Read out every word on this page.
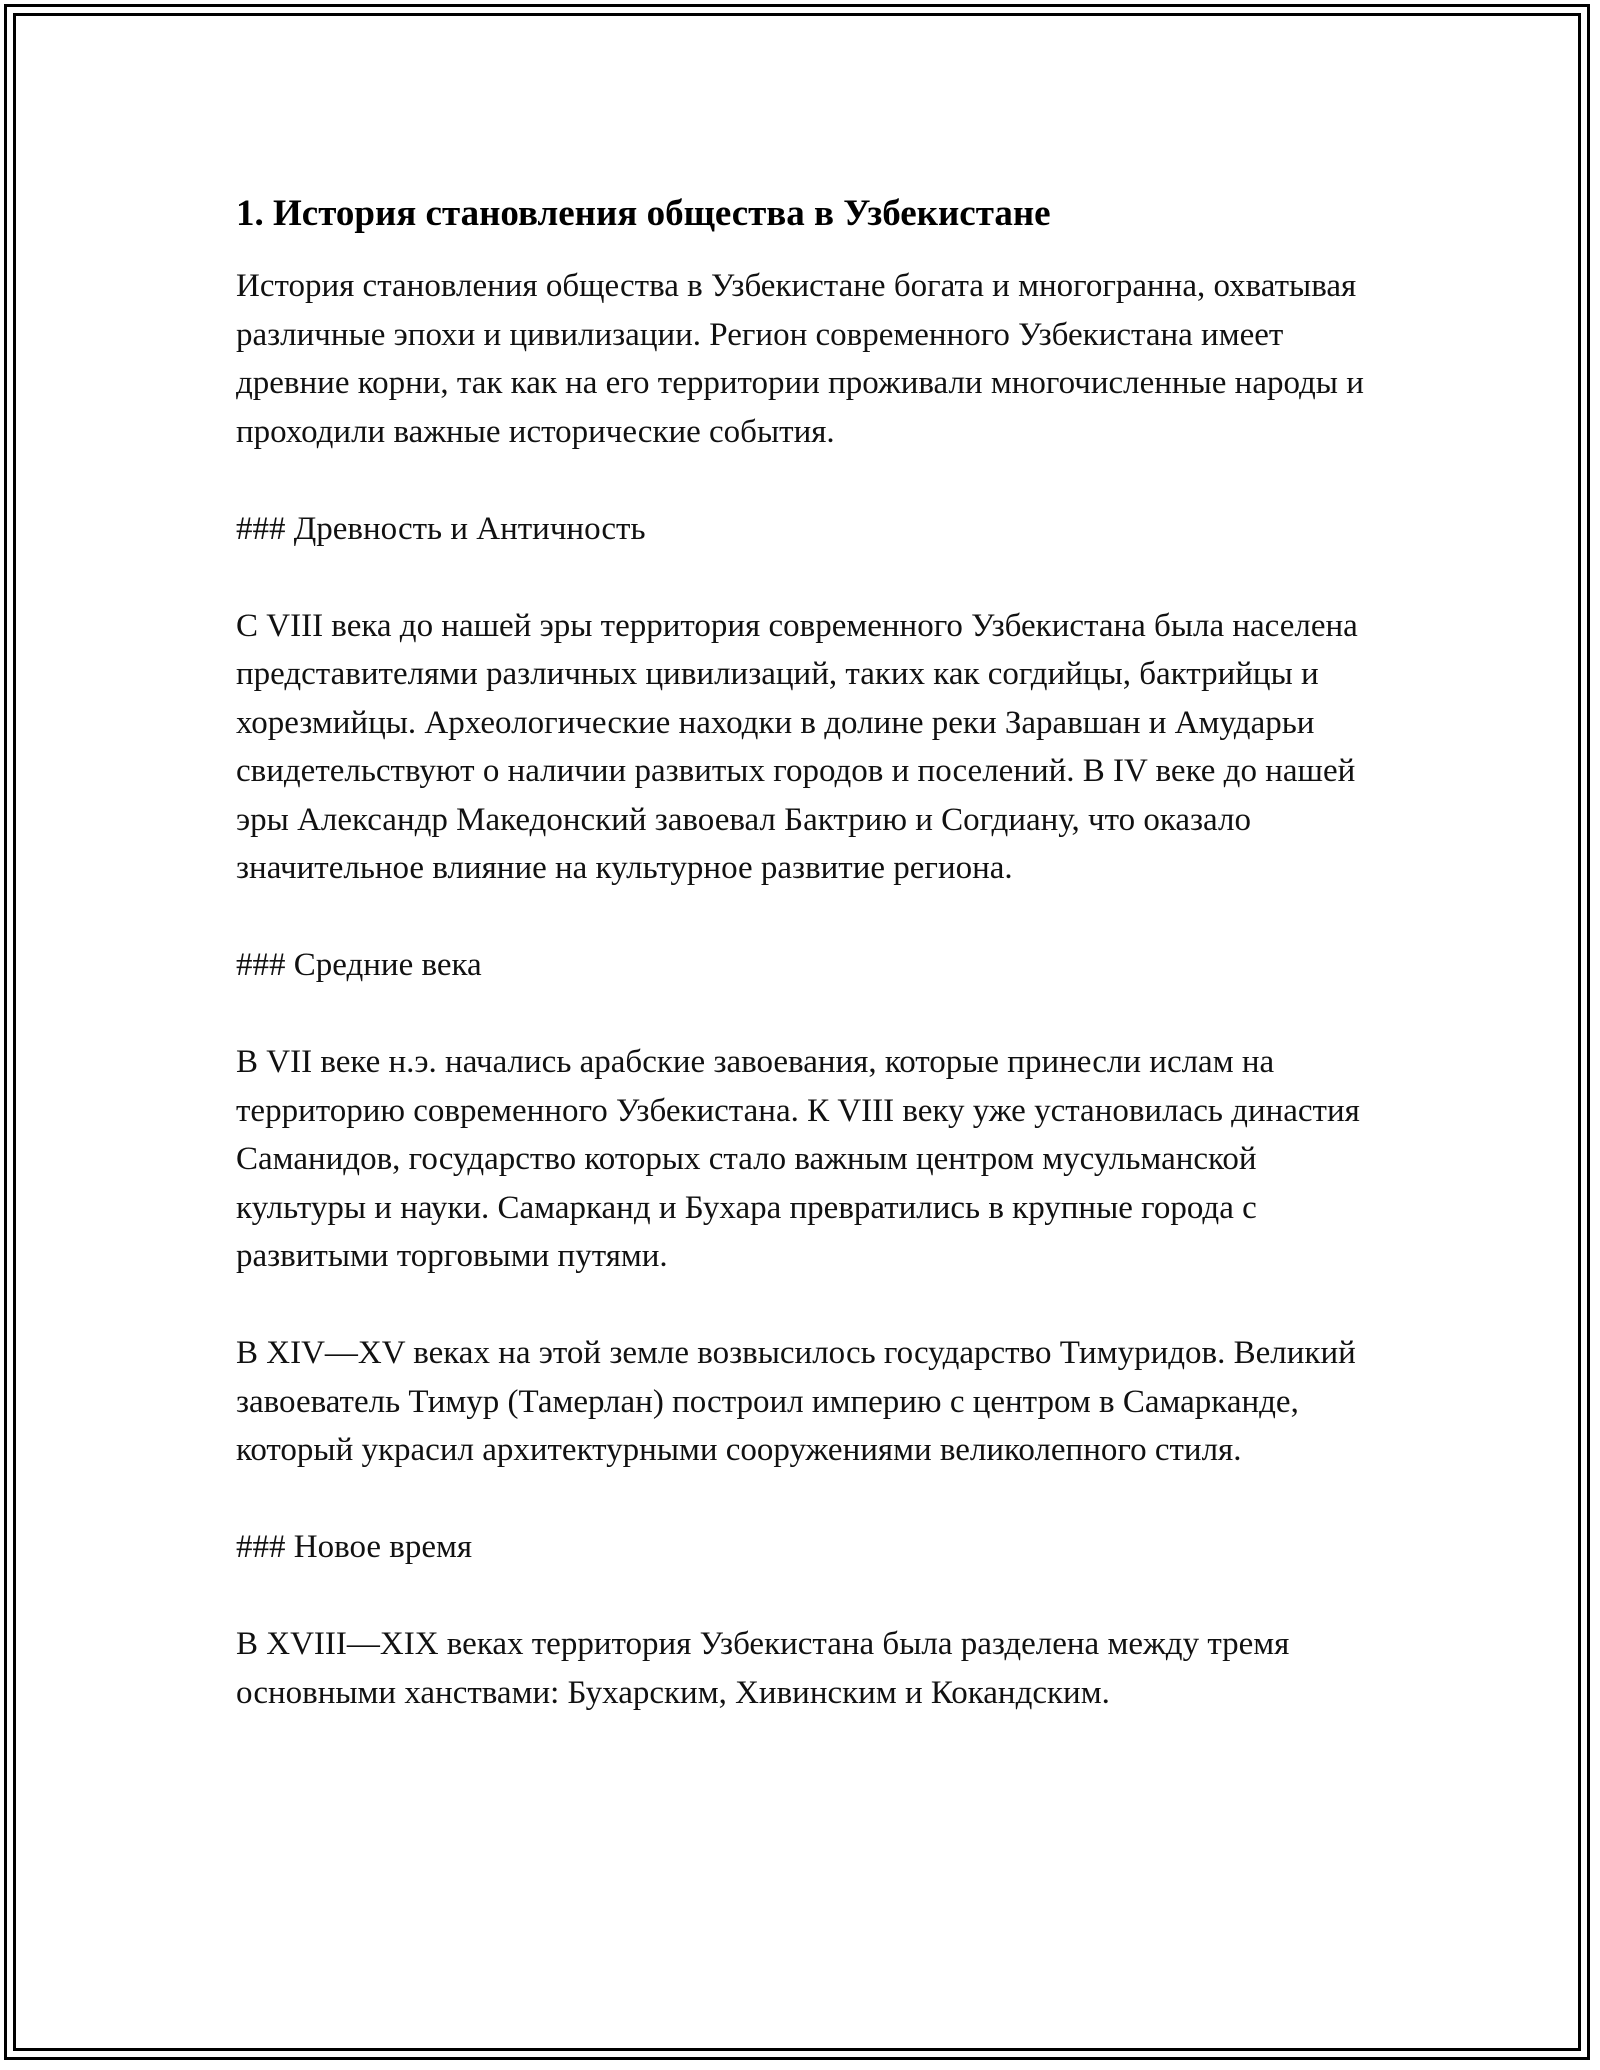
1. История становления общества в Узбекистане

История становления общества в Узбекистане богата и многогранна, охватывая различные эпохи и цивилизации. Регион современного Узбекистана имеет древние корни, так как на его территории проживали многочисленные народы и проходили важные исторические события.

### Древность и Античность

С VIII века до нашей эры территория современного Узбекистана была населена представителями различных цивилизаций, таких как согдийцы, бактрийцы и хорезмийцы. Археологические находки в долине реки Заравшан и Амударьи свидетельствуют о наличии развитых городов и поселений. В IV веке до нашей эры Александр Македонский завоевал Бактрию и Согдиану, что оказало значительное влияние на культурное развитие региона.

### Средние века

В VII веке н.э. начались арабские завоевания, которые принесли ислам на территорию современного Узбекистана. К VIII веку уже установилась династия Саманидов, государство которых стало важным центром мусульманской культуры и науки. Самарканд и Бухара превратились в крупные города с развитыми торговыми путями.

В XIV—XV веках на этой земле возвысилось государство Тимуридов. Великий завоеватель Тимур (Тамерлан) построил империю с центром в Самарканде, который украсил архитектурными сооружениями великолепного стиля.

### Новое время

В XVIII—XIX веках территория Узбекистана была разделена между тремя основными ханствами: Бухарским, Хивинским и Кокандским.
